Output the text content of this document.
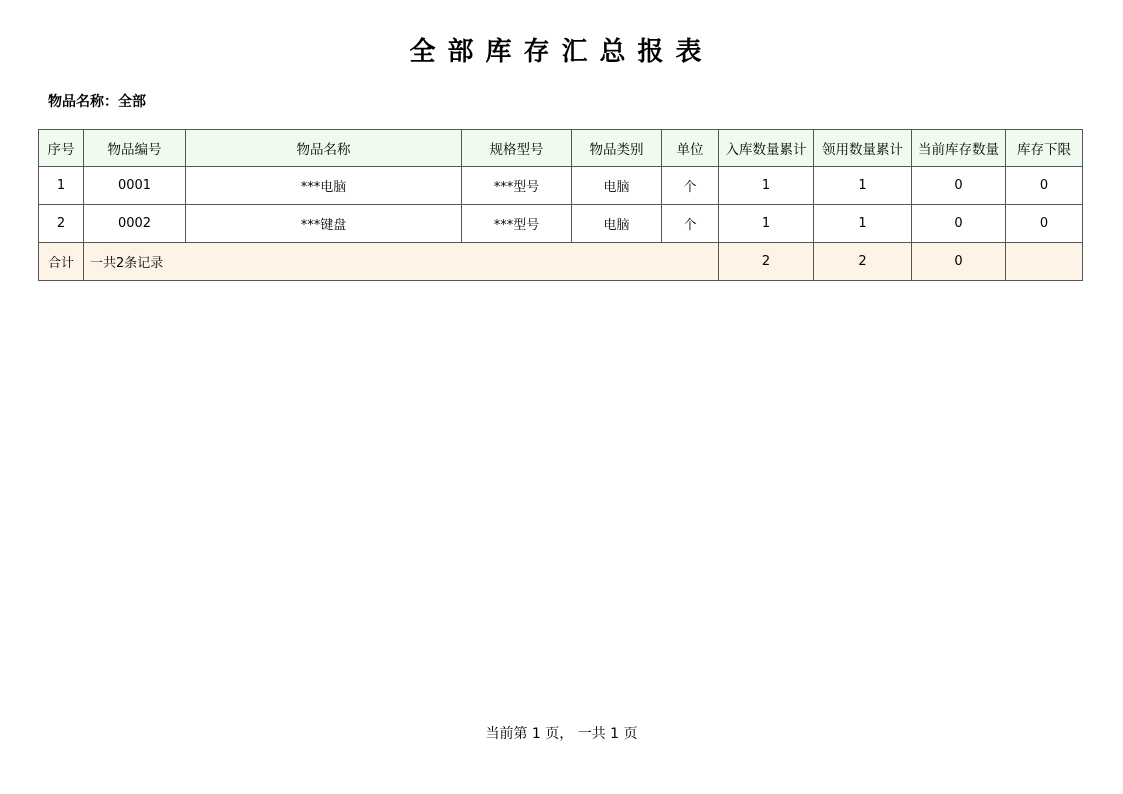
全部库存汇总报表
物品名称：全部
序号	物品编号	物品名称	规格型号	物品类别	单位	入库数量累计	领用数量累计	当前库存数量	库存下限
1	0001	***电脑	***型号	电脑	个	1	1	0	0
2	0002	***键盘	***型号	电脑	个	1	1	0	0
合计	一共2条记录					2	2	0	
当前第 1 页， 一共 1 页
